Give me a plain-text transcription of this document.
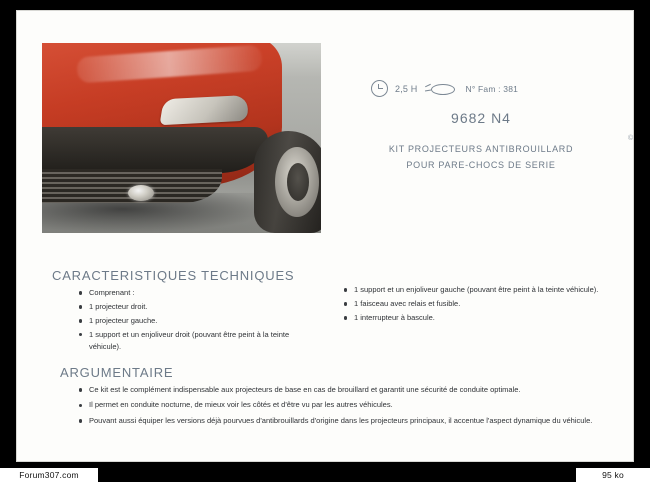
2,5 H	N° Fam : 381
9682 N4
KIT PROJECTEURS ANTIBROUILLARD
POUR PARE-CHOCS DE SERIE
©
CARACTERISTIQUES TECHNIQUES
Comprenant :
1 projecteur droit.
1 projecteur gauche.
1 support et un enjoliveur droit (pouvant être peint à la teinte véhicule).
1 support et un enjoliveur gauche (pouvant être peint à la teinte véhicule).
1 faisceau avec relais et fusible.
1 interrupteur à bascule.
ARGUMENTAIRE
Ce kit est le complément indispensable aux projecteurs de base en cas de brouillard et garantit une sécurité de conduite optimale.
Il permet en conduite nocturne, de mieux voir les côtés et d'être vu par les autres véhicules.
Pouvant aussi équiper les versions déjà pourvues d'antibrouillards d'origine dans les projecteurs principaux, il accentue l'aspect dynamique du véhicule.
Forum307.com	95 ko
